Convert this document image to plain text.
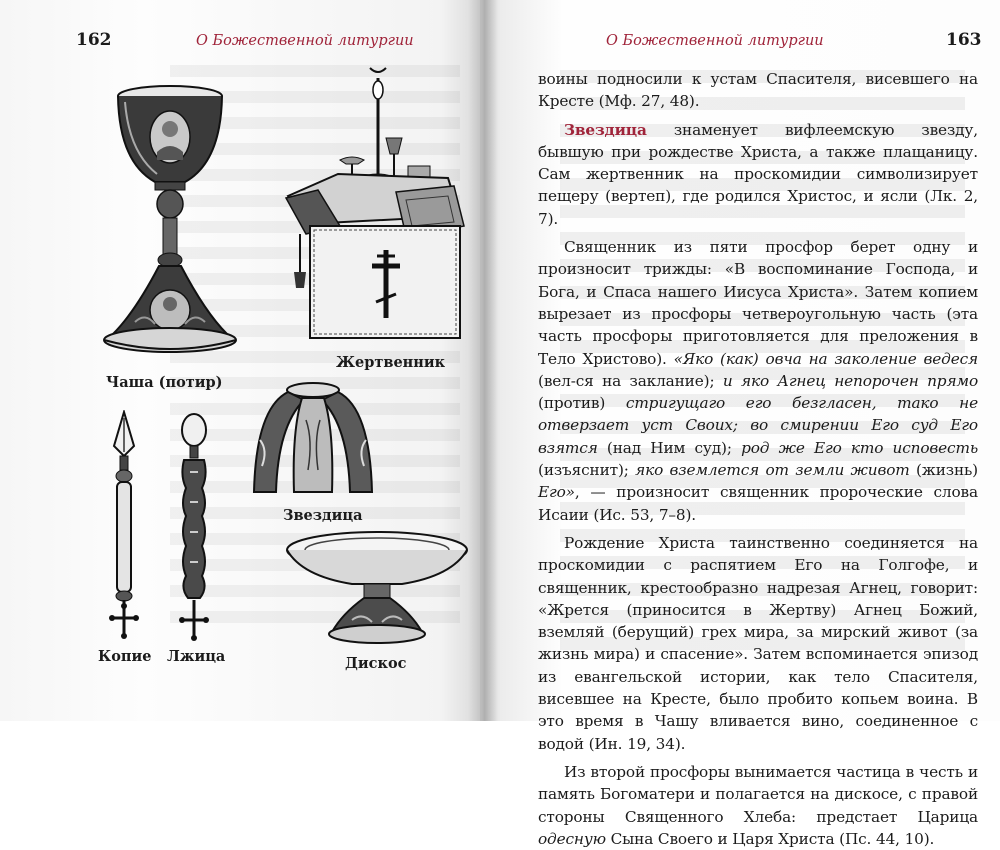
162	О Божественной литургии	О Божественной литургии	163
Чаша (потир)
Жертвенник
Звездица
Копие Лжица	Дискос

воины подносили к устам Спасителя, висевшего на Кресте (Мф. 27, 48).

Звездица знаменует вифлеемскую звезду, бывшую при рождестве Христа, а также плащаницу. Сам жертвенник на проскомидии символизирует пещеру (вертеп), где родился Христос, и ясли (Лк. 2, 7).

Священник из пяти просфор берет одну и произносит трижды: «В воспоминание Господа, и Бога, и Спаса нашего Иисуса Христа». Затем копием вырезает из просфоры четвероугольную часть (эта часть просфоры приготовляется для преложения в Тело Христово). «Яко (как) овча на заколение ведеся (вел-ся на заклание); и яко Агнец непорочен прямо (против) стригущаго его безгласен, тако не отверзает уст Своих; во смирении Его суд Его взятся (над Ним суд); род же Его кто исповесть (изъяснит); яко вземлется от земли живот (жизнь) Его», — произносит священник пророческие слова Исаии (Ис. 53, 7–8).

Рождение Христа таинственно соединяется на проскомидии с распятием Его на Голгофе, и священник, крестообразно надрезая Агнец, говорит: «Жрется (приносится в Жертву) Агнец Божий, вземляй (берущий) грех мира, за мирский живот (за жизнь мира) и спасение». Затем вспоминается эпизод из евангельской истории, как тело Спасителя, висевшее на Кресте, было пробито копьем воина. В это время в Чашу вливается вино, соединенное с водой (Ин. 19, 34).

Из второй просфоры вынимается частица в честь и память Богоматери и полагается на дискосе, с правой стороны Священного Хлеба: предстает Царица одесную Сына Своего и Царя Христа (Пс. 44, 10).
